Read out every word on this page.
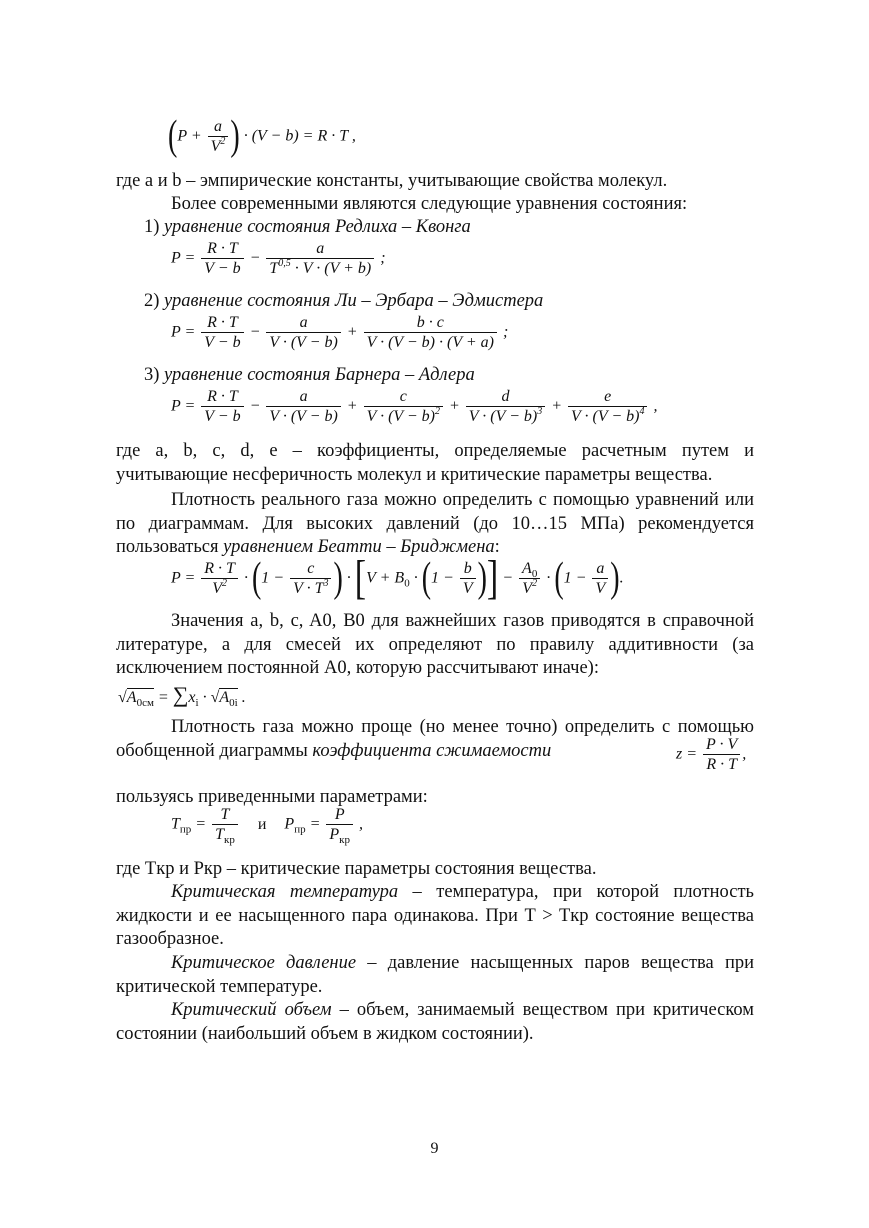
($P + \frac{a}{V^2}$ ) · (V − b) = R · T ,

где a и b – эмпирические константы, учитывающие свойства молекул.

Более современными являются следующие уравнения состояния:

1) уравнение состояния Редлиха – Квонга
$P = \frac{R \cdot T}{V - b} - \frac{a}{T^{0,5} \cdot V \cdot (V + b)}$ ;
2) уравнение состояния Ли – Эрбара – Эдмистера
$P = \frac{R \cdot T}{V - b} - \frac{a}{V \cdot (V - b)} + \frac{b \cdot c}{V \cdot (V - b) \cdot (V + a)}$ ;
3) уравнение состояния Барнера – Адлера
$P = \frac{R \cdot T}{V - b} - \frac{a}{V \cdot (V - b)} + \frac{c}{V \cdot (V - b)^2} + \frac{d}{V \cdot (V - b)^3} + \frac{e}{V \cdot (V - b)^4}$ ,

где a, b, c, d, e – коэффициенты, определяемые расчетным путем и учитывающие несферичность молекул и критические параметры вещества.

Плотность реального газа можно определить с помощью уравнений или по диаграммам. Для высоких давлений (до 10…15 МПа) рекомендуется пользоваться уравнением Беатти – Бриджмена:

$P = \frac{R \cdot T}{V^2} \cdot (1 - \frac{c}{V \cdot T^3}$ ) · [$V + B_0 \cdot (1 - \frac{b}{V}$ )] − $\frac{A_0}{V^2} \cdot (1 - \frac{a}{V}$ ).

Значения a, b, c, A0, B0 для важнейших газов приводятся в справочной литературе, а для смесей их определяют по правилу аддитивности (за исключением постоянной A0, которую рассчитывают иначе):

$√A_{0см} = \sum x_i \cdot √A_{0i}$ .

Плотность газа можно проще (но менее точно) определить с помощью обобщенной диаграммы коэффициента сжимаемости	$z = \frac{P \cdot V}{R \cdot T}$ ,

пользуясь приведенными параметрами:

$T_{пр} = \frac{T}{T_{кр}}$ и $P_{пр} = \frac{P}{P_{кр}}$ ,

где Tкр и Pкр – критические параметры состояния вещества.

Критическая температура – температура, при которой плотность жидкости и ее насыщенного пара одинакова. При T > Tкр состояние вещества газообразное.

Критическое давление – давление насыщенных паров вещества при критической температуре.

Критический объем – объем, занимаемый веществом при критическом состоянии (наибольший объем в жидком состоянии).

9
